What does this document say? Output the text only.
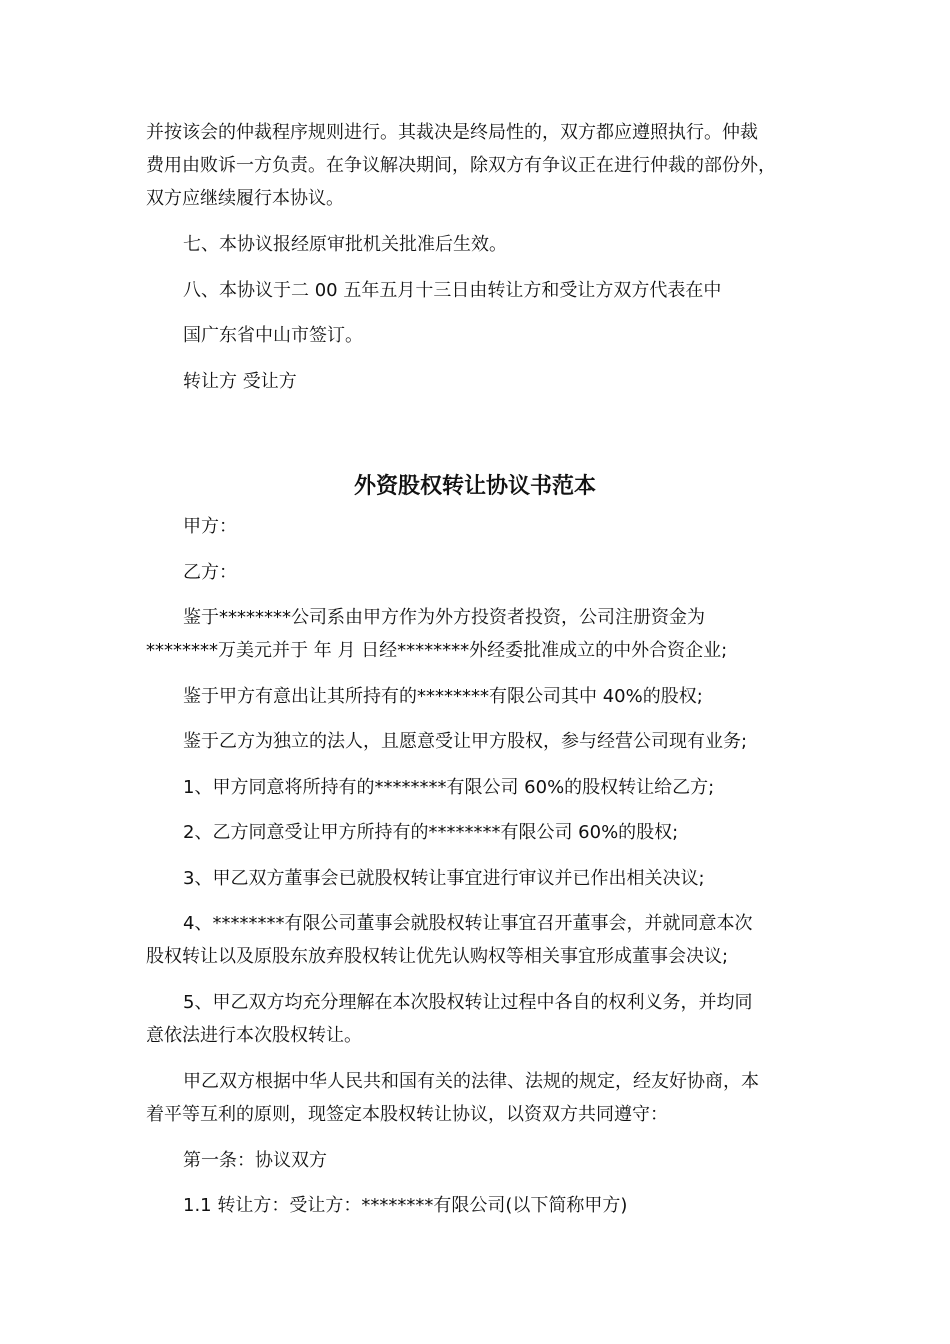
并按该会的仲裁程序规则进行。其裁决是终局性的，双方都应遵照执行。仲裁
费用由败诉一方负责。在争议解决期间，除双方有争议正在进行仲裁的部份外，
双方应继续履行本协议。
七、本协议报经原审批机关批准后生效。
八、本协议于二 00 五年五月十三日由转让方和受让方双方代表在中
国广东省中山市签订。
转让方 受让方
外资股权转让协议书范本
甲方：
乙方：
鉴于********公司系由甲方作为外方投资者投资，公司注册资金为
********万美元并于 年 月 日经********外经委批准成立的中外合资企业;
鉴于甲方有意出让其所持有的********有限公司其中 40%的股权;
鉴于乙方为独立的法人，且愿意受让甲方股权，参与经营公司现有业务;
1、甲方同意将所持有的********有限公司 60%的股权转让给乙方;
2、乙方同意受让甲方所持有的********有限公司 60%的股权;
3、甲乙双方董事会已就股权转让事宜进行审议并已作出相关决议;
4、********有限公司董事会就股权转让事宜召开董事会，并就同意本次
股权转让以及原股东放弃股权转让优先认购权等相关事宜形成董事会决议;
5、甲乙双方均充分理解在本次股权转让过程中各自的权利义务，并均同
意依法进行本次股权转让。
甲乙双方根据中华人民共和国有关的法律、法规的规定，经友好协商，本
着平等互利的原则，现签定本股权转让协议，以资双方共同遵守：
第一条：协议双方
1.1 转让方：受让方：********有限公司(以下简称甲方)
